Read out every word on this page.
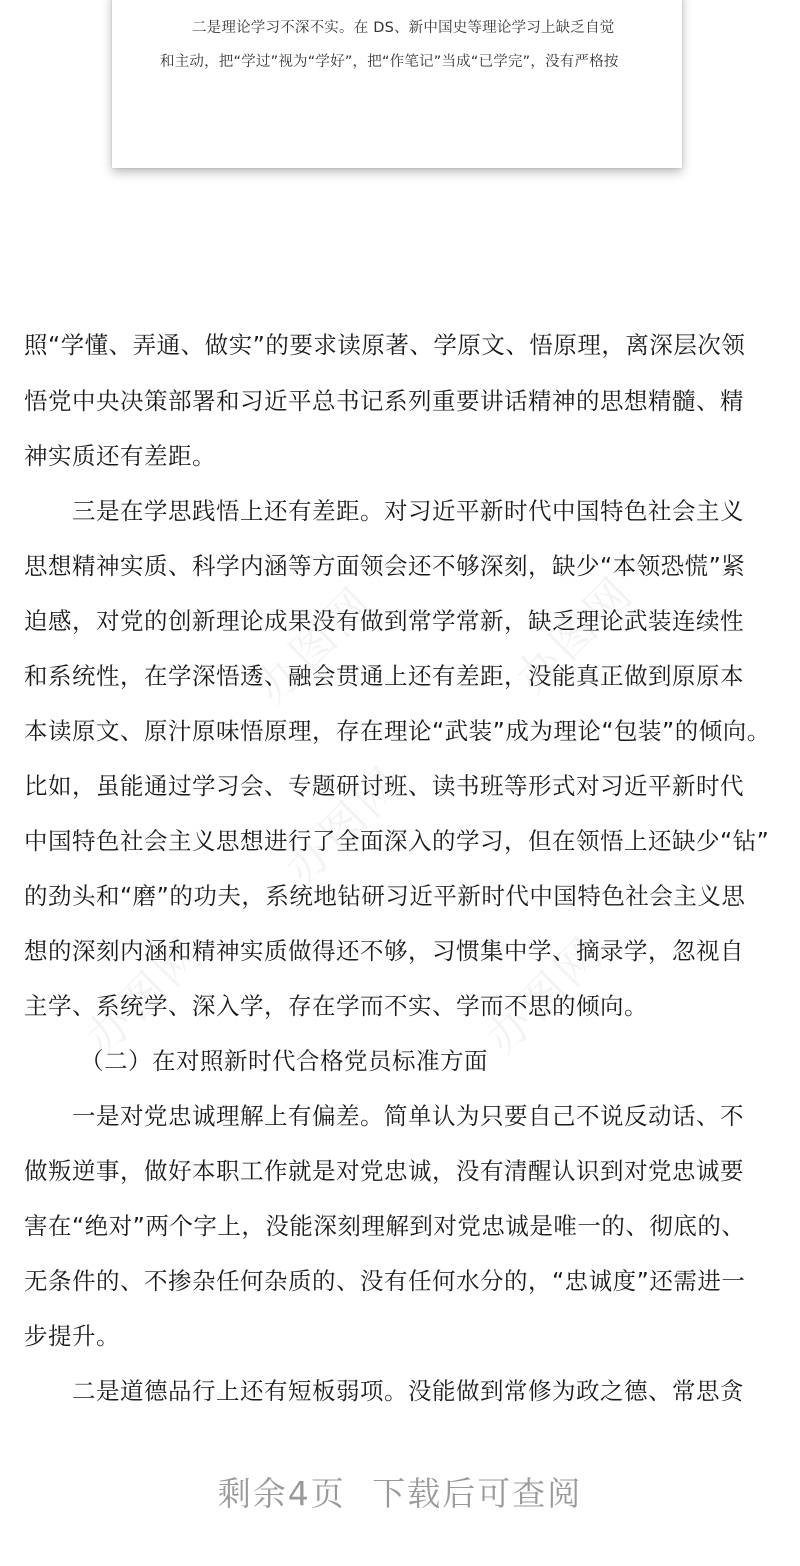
办图网	办图网
办图网
办图网	办图网
二是理论学习不深不实。在 DS、新中国史等理论学习上缺乏自觉
和主动，把“学过”视为“学好”，把“作笔记”当成“已学完”，没有严格按
照“学懂、弄通、做实”的要求读原著、学原文、悟原理，离深层次领
悟党中央决策部署和习近平总书记系列重要讲话精神的思想精髓、精
神实质还有差距。
三是在学思践悟上还有差距。对习近平新时代中国特色社会主义
思想精神实质、科学内涵等方面领会还不够深刻，缺少“本领恐慌”紧
迫感，对党的创新理论成果没有做到常学常新，缺乏理论武装连续性
和系统性，在学深悟透、融会贯通上还有差距，没能真正做到原原本
本读原文、原汁原味悟原理，存在理论“武装”成为理论“包装”的倾向。
比如，虽能通过学习会、专题研讨班、读书班等形式对习近平新时代
中国特色社会主义思想进行了全面深入的学习，但在领悟上还缺少“钻”
的劲头和“磨”的功夫，系统地钻研习近平新时代中国特色社会主义思
想的深刻内涵和精神实质做得还不够，习惯集中学、摘录学，忽视自
主学、系统学、深入学，存在学而不实、学而不思的倾向。
（二）在对照新时代合格党员标准方面
一是对党忠诚理解上有偏差。简单认为只要自己不说反动话、不
做叛逆事，做好本职工作就是对党忠诚，没有清醒认识到对党忠诚要
害在“绝对”两个字上，没能深刻理解到对党忠诚是唯一的、彻底的、
无条件的、不掺杂任何杂质的、没有任何水分的，“忠诚度”还需进一
步提升。
二是道德品行上还有短板弱项。没能做到常修为政之德、常思贪
剩余4页 下载后可查阅
